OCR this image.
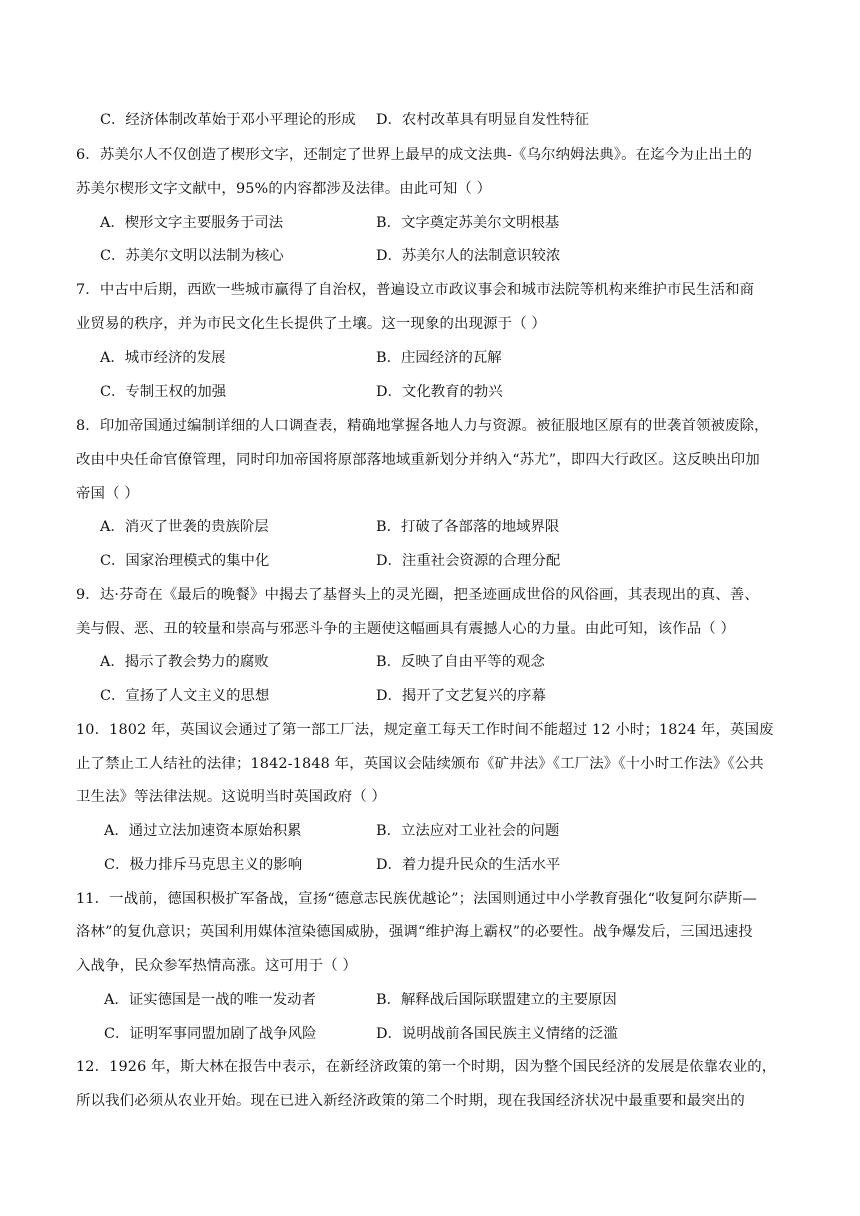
C．经济体制改革始于邓小平理论的形成 D．农村改革具有明显自发性特征
6．苏美尔人不仅创造了楔形文字，还制定了世界上最早的成文法典-《乌尔纳姆法典》。在迄今为止出土的
苏美尔楔形文字文献中，95%的内容都涉及法律。由此可知（ ）
A．楔形文字主要服务于司法	B．文字奠定苏美尔文明根基
C．苏美尔文明以法制为核心	D．苏美尔人的法制意识较浓
7．中古中后期，西欧一些城市赢得了自治权，普遍设立市政议事会和城市法院等机构来维护市民生活和商
业贸易的秩序，并为市民文化生长提供了土壤。这一现象的出现源于（ ）
A．城市经济的发展	B．庄园经济的瓦解
C．专制王权的加强	D．文化教育的勃兴
8．印加帝国通过编制详细的人口调查表，精确地掌握各地人力与资源。被征服地区原有的世袭首领被废除，
改由中央任命官僚管理，同时印加帝国将原部落地域重新划分并纳入“苏尤”，即四大行政区。这反映出印加
帝国（ ）
A．消灭了世袭的贵族阶层	B．打破了各部落的地域界限
C．国家治理模式的集中化	D．注重社会资源的合理分配
9．达·芬奇在《最后的晚餐》中揭去了基督头上的灵光圈，把圣迹画成世俗的风俗画，其表现出的真、善、
美与假、恶、丑的较量和崇高与邪恶斗争的主题使这幅画具有震撼人心的力量。由此可知，该作品（ ）
A．揭示了教会势力的腐败	B．反映了自由平等的观念
C．宣扬了人文主义的思想	D．揭开了文艺复兴的序幕
10．1802 年，英国议会通过了第一部工厂法，规定童工每天工作时间不能超过 12 小时；1824 年，英国废
止了禁止工人结社的法律；1842-1848 年，英国议会陆续颁布《矿井法》《工厂法》《十小时工作法》《公共
卫生法》等法律法规。这说明当时英国政府（ ）
A．通过立法加速资本原始积累	B．立法应对工业社会的问题
C．极力排斥马克思主义的影响	D．着力提升民众的生活水平
11．一战前，德国积极扩军备战，宣扬“德意志民族优越论”；法国则通过中小学教育强化“收复阿尔萨斯—
洛林”的复仇意识；英国利用媒体渲染德国威胁，强调“维护海上霸权”的必要性。战争爆发后，三国迅速投
入战争，民众参军热情高涨。这可用于（ ）
A．证实德国是一战的唯一发动者	B．解释战后国际联盟建立的主要原因
C．证明军事同盟加剧了战争风险	D．说明战前各国民族主义情绪的泛滥
12．1926 年，斯大林在报告中表示，在新经济政策的第一个时期，因为整个国民经济的发展是依靠农业的，
所以我们必须从农业开始。现在已进入新经济政策的第二个时期，现在我国经济状况中最重要和最突出的
